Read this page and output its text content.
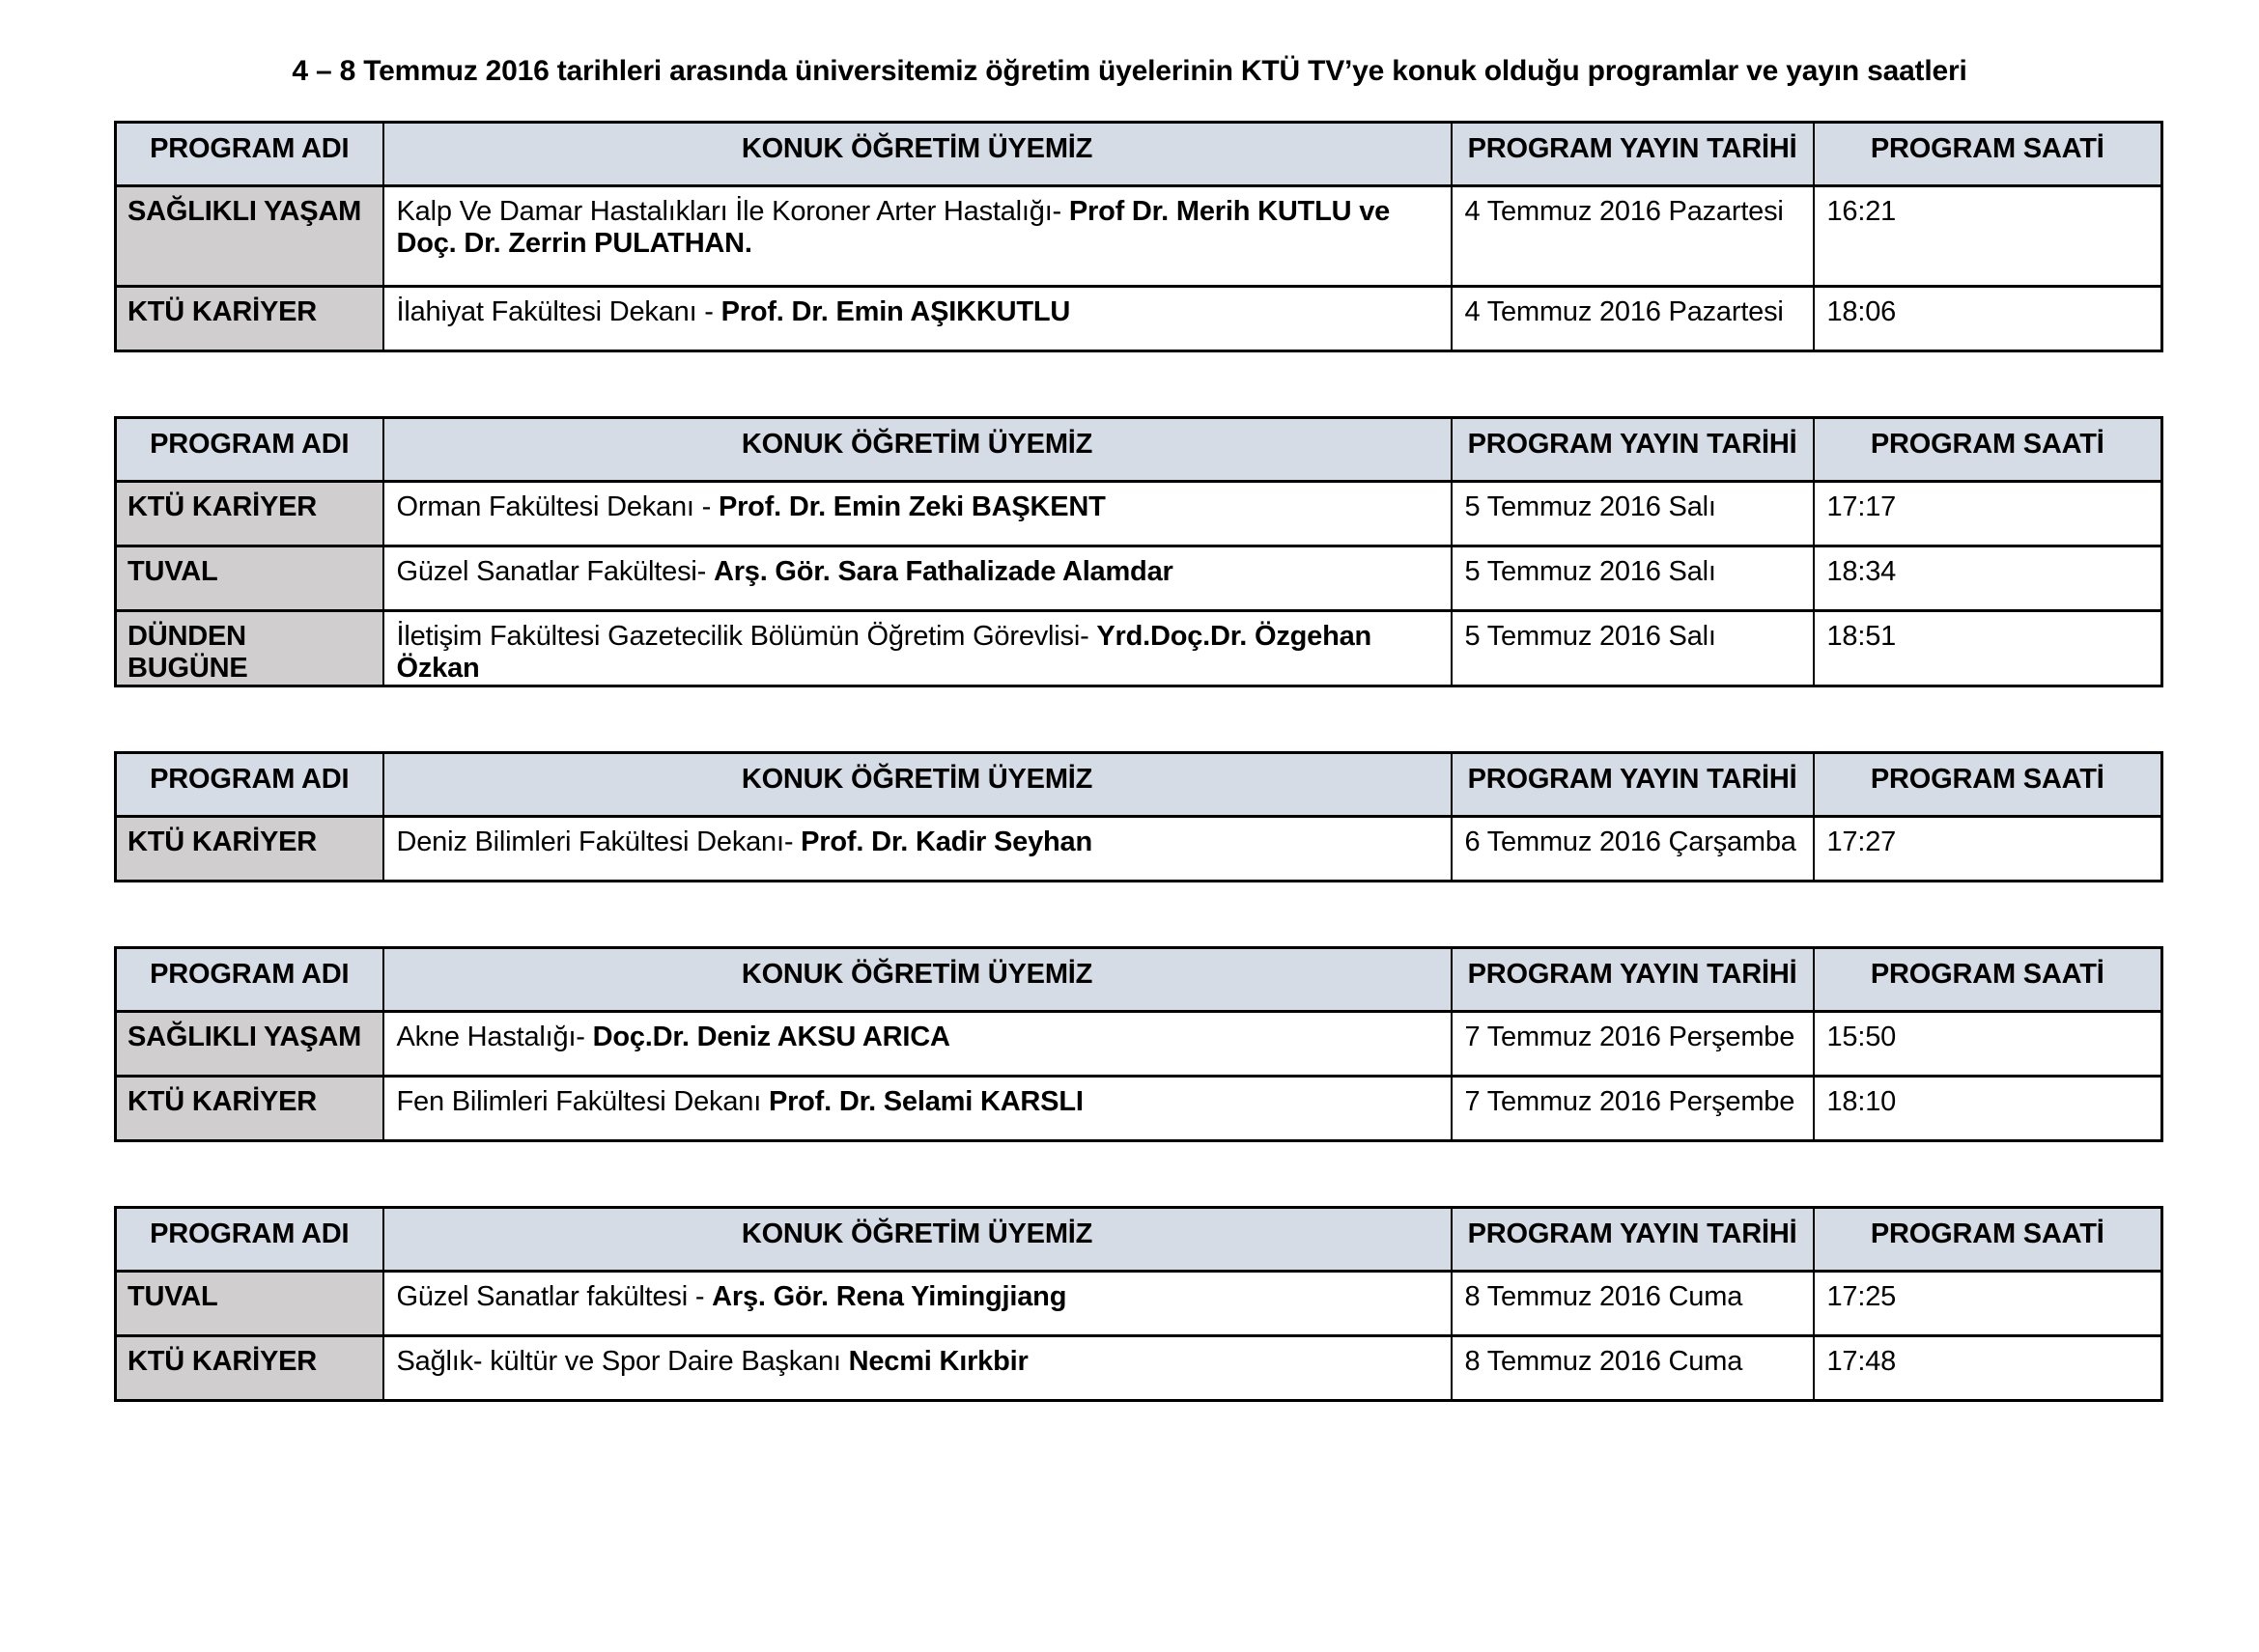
4 – 8 Temmuz 2016 tarihleri arasında üniversitemiz öğretim üyelerinin KTÜ TV’ye konuk olduğu programlar ve yayın saatleri
PROGRAM ADI	KONUK ÖĞRETİM ÜYEMİZ	PROGRAM YAYIN TARİHİ	PROGRAM SAATİ
SAĞLIKLI YAŞAM	Kalp Ve Damar Hastalıkları İle Koroner Arter Hastalığı- Prof Dr. Merih KUTLU ve Doç. Dr. Zerrin PULATHAN.	4 Temmuz 2016 Pazartesi	16:21
KTÜ KARİYER	İlahiyat Fakültesi Dekanı - Prof. Dr. Emin AŞIKKUTLU	4 Temmuz 2016 Pazartesi	18:06
PROGRAM ADI	KONUK ÖĞRETİM ÜYEMİZ	PROGRAM YAYIN TARİHİ	PROGRAM SAATİ
KTÜ KARİYER	Orman Fakültesi Dekanı - Prof. Dr. Emin Zeki BAŞKENT	5 Temmuz 2016 Salı	17:17
TUVAL	Güzel Sanatlar Fakültesi- Arş. Gör. Sara Fathalizade Alamdar	5 Temmuz 2016 Salı	18:34
DÜNDEN BUGÜNE	İletişim Fakültesi Gazetecilik Bölümün Öğretim Görevlisi- Yrd.Doç.Dr. Özgehan Özkan	5 Temmuz 2016 Salı	18:51
PROGRAM ADI	KONUK ÖĞRETİM ÜYEMİZ	PROGRAM YAYIN TARİHİ	PROGRAM SAATİ
KTÜ KARİYER	Deniz Bilimleri Fakültesi Dekanı- Prof. Dr. Kadir Seyhan	6 Temmuz 2016 Çarşamba	17:27
PROGRAM ADI	KONUK ÖĞRETİM ÜYEMİZ	PROGRAM YAYIN TARİHİ	PROGRAM SAATİ
SAĞLIKLI YAŞAM	Akne Hastalığı- Doç.Dr. Deniz AKSU ARICA	7 Temmuz 2016 Perşembe	15:50
KTÜ KARİYER	Fen Bilimleri Fakültesi Dekanı Prof. Dr. Selami KARSLI	7 Temmuz 2016 Perşembe	18:10
PROGRAM ADI	KONUK ÖĞRETİM ÜYEMİZ	PROGRAM YAYIN TARİHİ	PROGRAM SAATİ
TUVAL	Güzel Sanatlar fakültesi - Arş. Gör. Rena Yimingjiang	8 Temmuz 2016 Cuma	17:25
KTÜ KARİYER	Sağlık- kültür ve Spor Daire Başkanı Necmi Kırkbir	8 Temmuz 2016 Cuma	17:48
